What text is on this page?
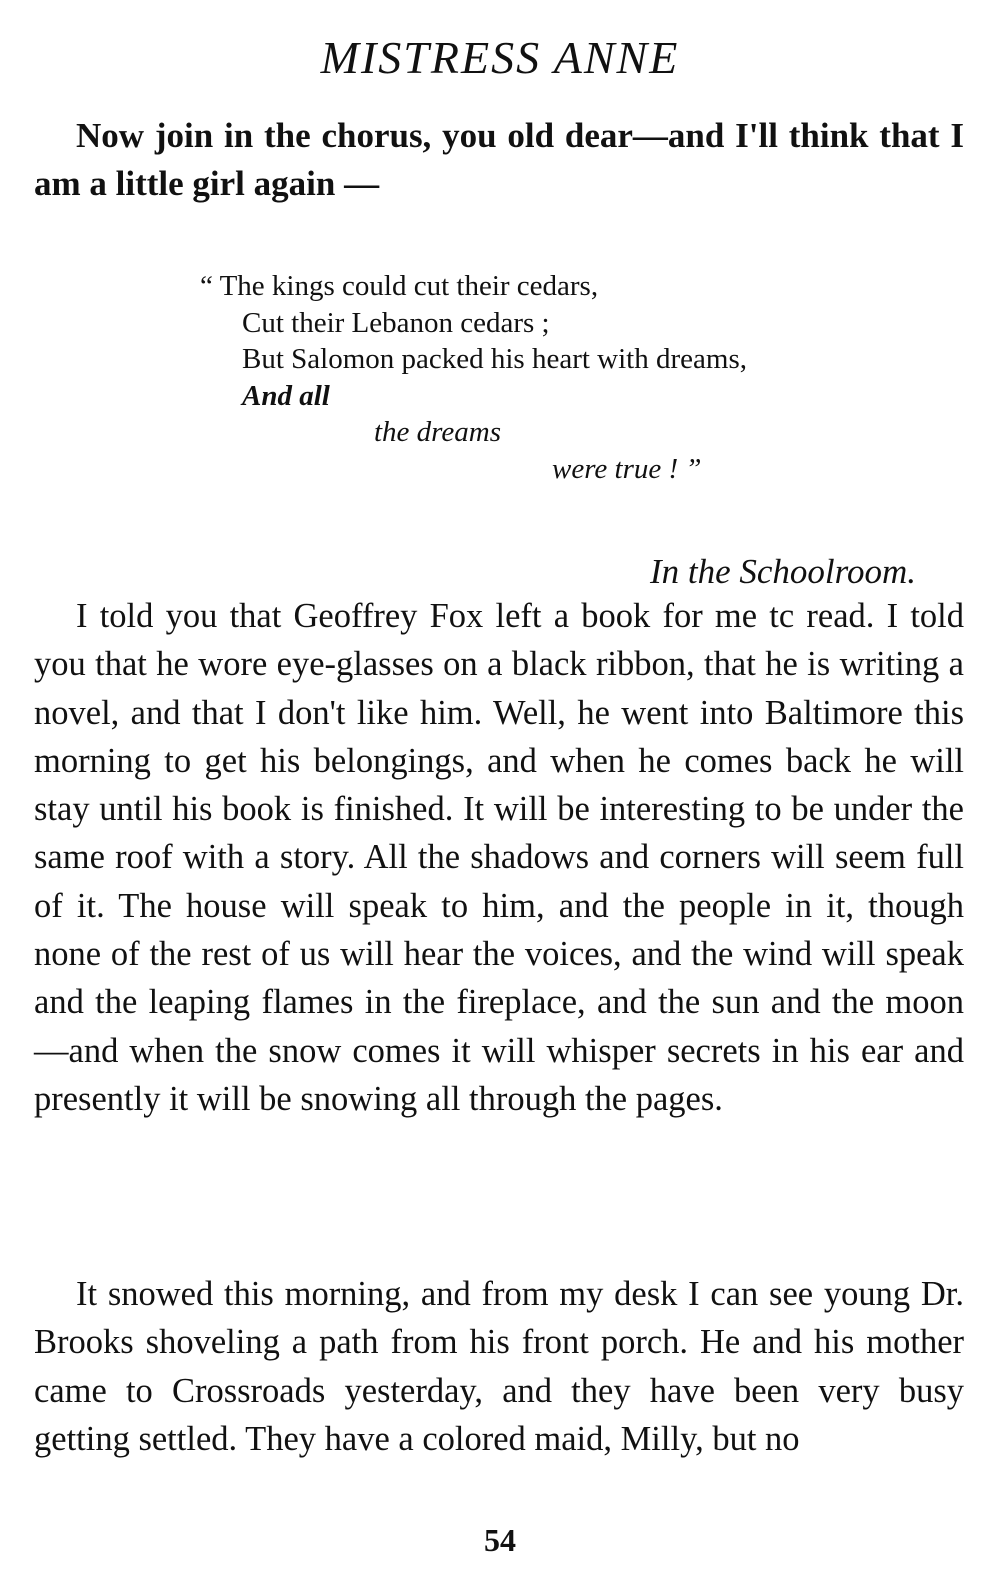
MISTRESS ANNE

Now join in the chorus, you old dear—and I'll think that I am a little girl again —

“ The kings could cut their cedars,
Cut their Lebanon cedars ;
But Salomon packed his heart with dreams,
And all
the dreams
were true ! ”
In the Schoolroom.

I told you that Geoffrey Fox left a book for me tc read. I told you that he wore eye-glasses on a black ribbon, that he is writing a novel, and that I don't like him. Well, he went into Baltimore this morning to get his belongings, and when he comes back he will stay until his book is finished. It will be interesting to be under the same roof with a story. All the shadows and corners will seem full of it. The house will speak to him, and the people in it, though none of the rest of us will hear the voices, and the wind will speak and the leaping flames in the fireplace, and the sun and the moon—and when the snow comes it will whisper secrets in his ear and presently it will be snowing all through the pages.

It snowed this morning, and from my desk I can see young Dr. Brooks shoveling a path from his front porch. He and his mother came to Crossroads yesterday, and they have been very busy getting settled. They have a colored maid, Milly, but no

54
